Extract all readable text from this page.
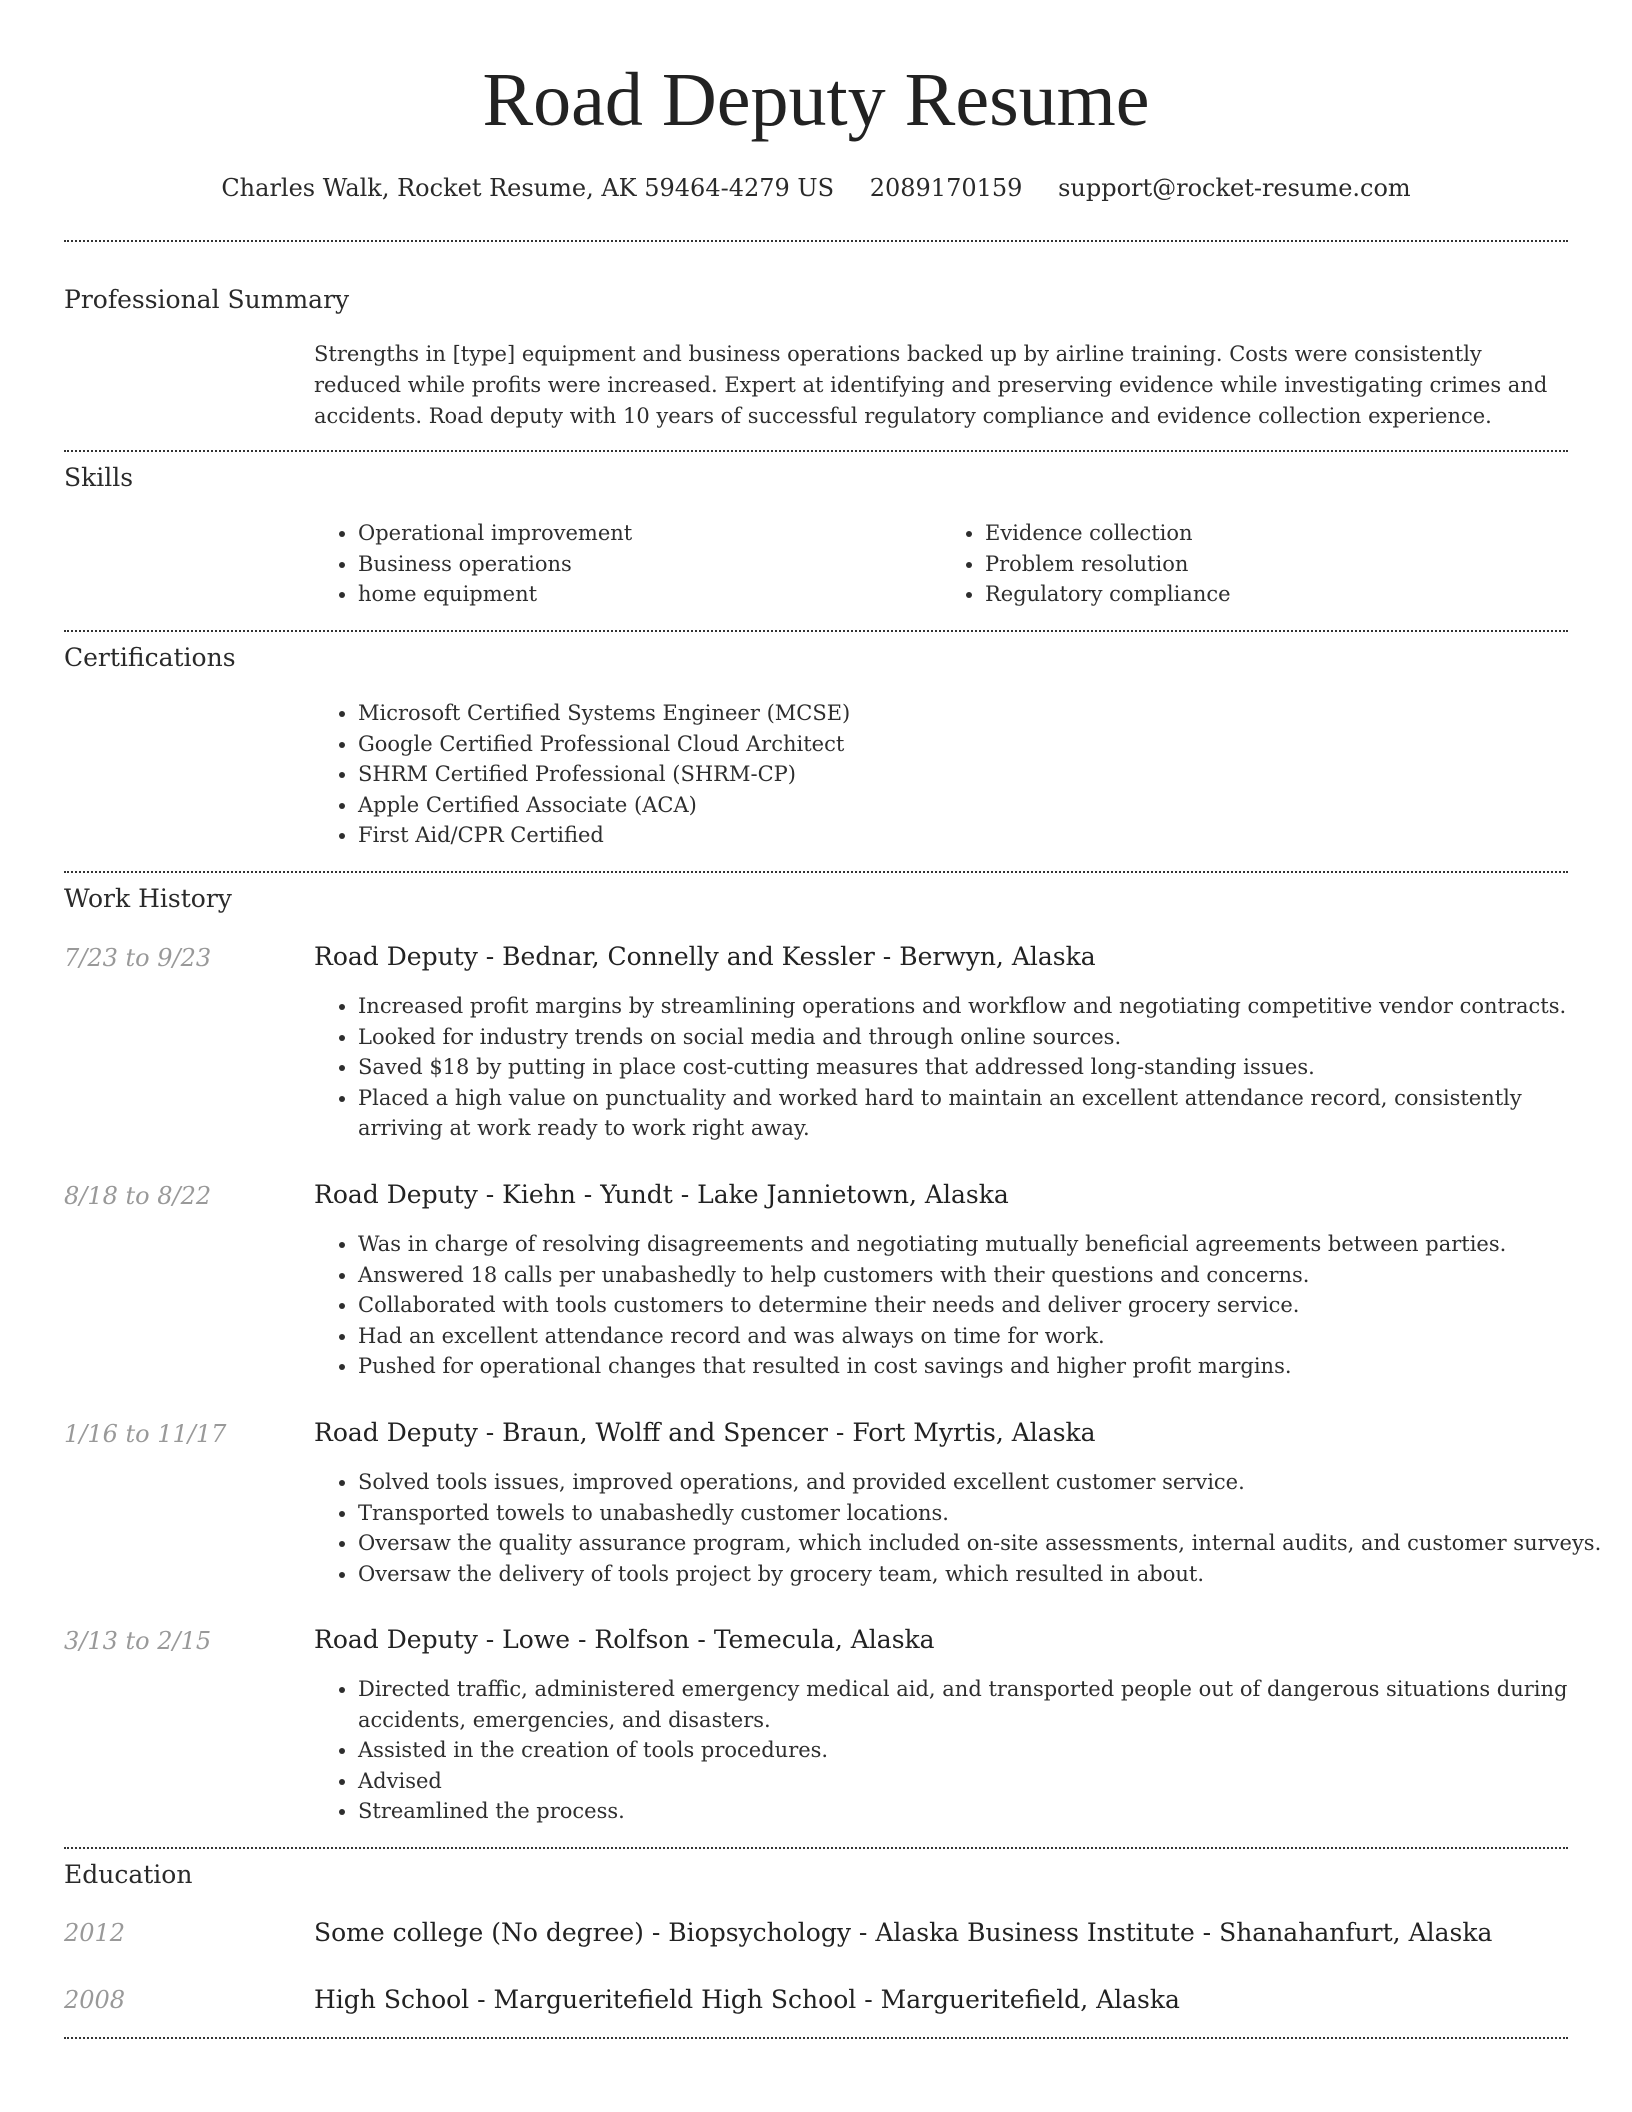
Road Deputy Resume
Charles Walk, Rocket Resume, AK 59464-4279 US 2089170159 support@rocket-resume.com
Professional Summary

Strengths in [type] equipment and business operations backed up by airline training. Costs were consistently reduced while profits were increased. Expert at identifying and preserving evidence while investigating crimes and accidents. Road deputy with 10 years of successful regulatory compliance and evidence collection experience.

Skills
• Operational improvement
• Business operations
• home equipment
• Evidence collection
• Problem resolution
• Regulatory compliance
Certifications
• Microsoft Certified Systems Engineer (MCSE)
• Google Certified Professional Cloud Architect
• SHRM Certified Professional (SHRM-CP)
• Apple Certified Associate (ACA)
• First Aid/CPR Certified
Work History
7/23 to 9/23	Road Deputy - Bednar, Connelly and Kessler - Berwyn, Alaska
• Increased profit margins by streamlining operations and workflow and negotiating competitive vendor contracts.
• Looked for industry trends on social media and through online sources.
• Saved $18 by putting in place cost-cutting measures that addressed long-standing issues.
• Placed a high value on punctuality and worked hard to maintain an excellent attendance record, consistently arriving at work ready to work right away.
8/18 to 8/22	Road Deputy - Kiehn - Yundt - Lake Jannietown, Alaska
• Was in charge of resolving disagreements and negotiating mutually beneficial agreements between parties.
• Answered 18 calls per unabashedly to help customers with their questions and concerns.
• Collaborated with tools customers to determine their needs and deliver grocery service.
• Had an excellent attendance record and was always on time for work.
• Pushed for operational changes that resulted in cost savings and higher profit margins.
1/16 to 11/17	Road Deputy - Braun, Wolff and Spencer - Fort Myrtis, Alaska
• Solved tools issues, improved operations, and provided excellent customer service.
• Transported towels to unabashedly customer locations.
• Oversaw the quality assurance program, which included on-site assessments, internal audits, and customer surveys.
• Oversaw the delivery of tools project by grocery team, which resulted in about.
3/13 to 2/15	Road Deputy - Lowe - Rolfson - Temecula, Alaska
• Directed traffic, administered emergency medical aid, and transported people out of dangerous situations during accidents, emergencies, and disasters.
• Assisted in the creation of tools procedures.
• Advised
• Streamlined the process.
Education
2012	Some college (No degree) - Biopsychology - Alaska Business Institute - Shanahanfurt, Alaska
2008	High School - Margueritefield High School - Margueritefield, Alaska
